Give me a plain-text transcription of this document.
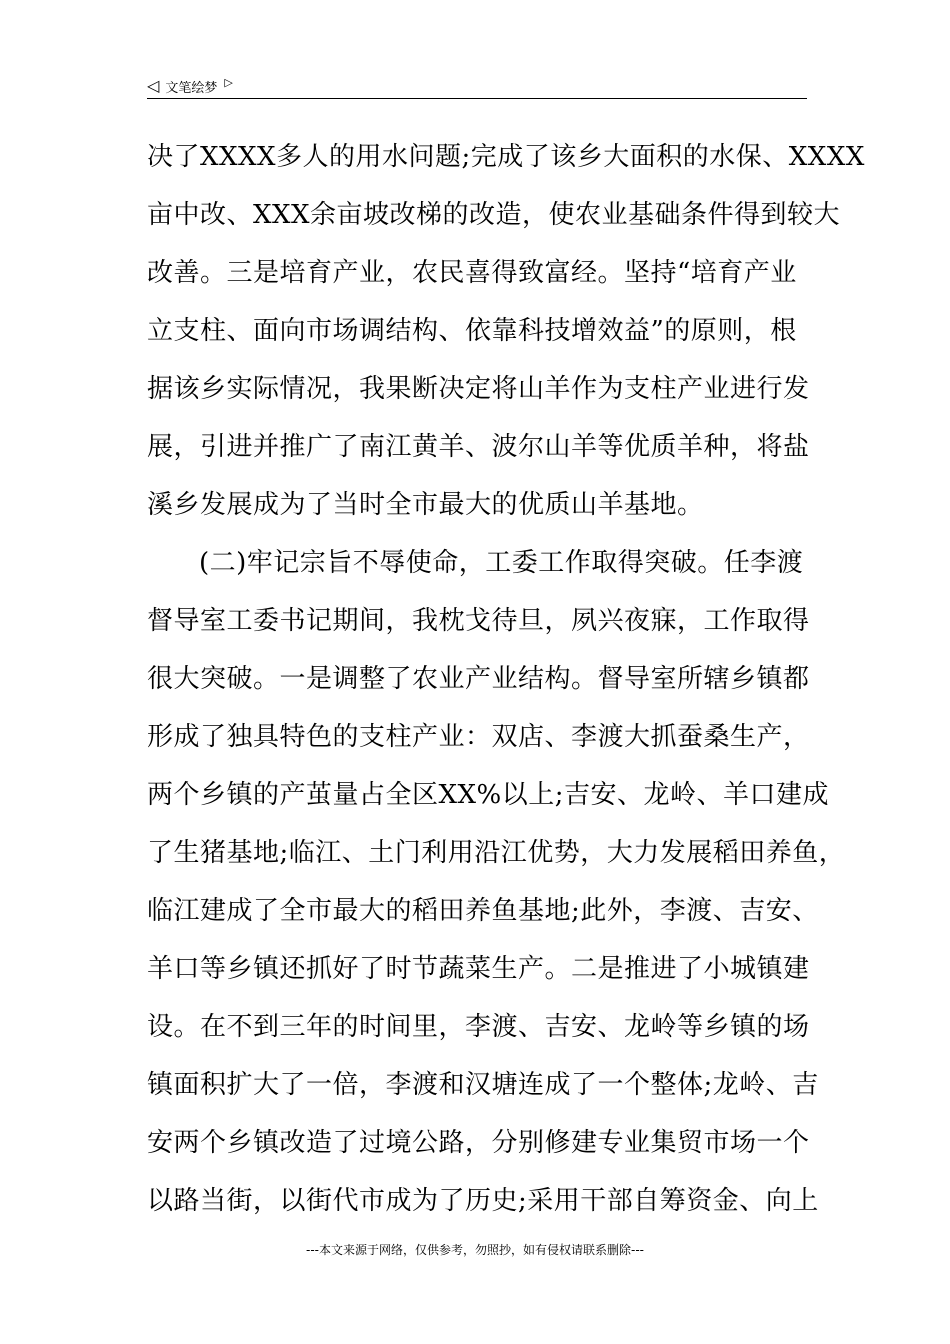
◁ 文笔绘梦 ▷
决了XXXX多人的用水问题;完成了该乡大面积的水保、XXXX
亩中改、XXX余亩坡改梯的改造，使农业基础条件得到较大
改善。三是培育产业，农民喜得致富经。坚持“培育产业
立支柱、面向市场调结构、依靠科技增效益”的原则，根
据该乡实际情况，我果断决定将山羊作为支柱产业进行发
展，引进并推广了南江黄羊、波尔山羊等优质羊种，将盐
溪乡发展成为了当时全市最大的优质山羊基地。
(二)牢记宗旨不辱使命，工委工作取得突破。任李渡
督导室工委书记期间，我枕戈待旦，夙兴夜寐，工作取得
很大突破。一是调整了农业产业结构。督导室所辖乡镇都
形成了独具特色的支柱产业：双店、李渡大抓蚕桑生产，
两个乡镇的产茧量占全区XX%以上;吉安、龙岭、羊口建成
了生猪基地;临江、土门利用沿江优势，大力发展稻田养鱼，
临江建成了全市最大的稻田养鱼基地;此外，李渡、吉安、
羊口等乡镇还抓好了时节蔬菜生产。二是推进了小城镇建
设。在不到三年的时间里，李渡、吉安、龙岭等乡镇的场
镇面积扩大了一倍，李渡和汉塘连成了一个整体;龙岭、吉
安两个乡镇改造了过境公路，分别修建专业集贸市场一个
以路当街，以街代市成为了历史;采用干部自筹资金、向上
---本文来源于网络，仅供参考，勿照抄，如有侵权请联系删除---
